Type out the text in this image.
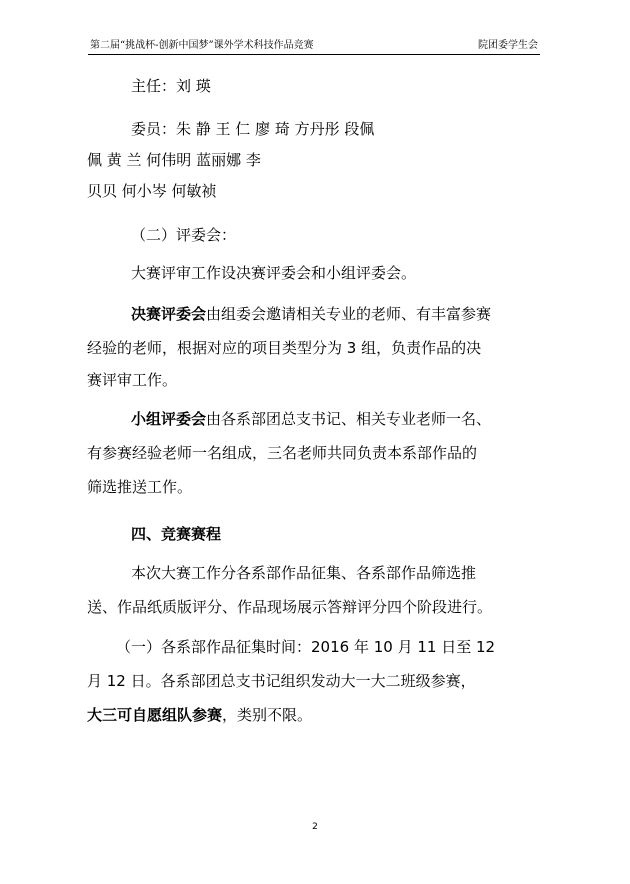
第二届“挑战杯-创新中国梦”课外学术科技作品竞赛	院团委学生会
主任：刘 瑛
委员：朱 静 王 仁 廖 琦 方丹彤 段佩
佩 黄 兰 何伟明 蓝丽娜 李
贝贝 何小岑 何敏祯
（二）评委会：
大赛评审工作设决赛评委会和小组评委会。
决赛评委会由组委会邀请相关专业的老师、有丰富参赛
经验的老师，根据对应的项目类型分为 3 组，负责作品的决
赛评审工作。
小组评委会由各系部团总支书记、相关专业老师一名、
有参赛经验老师一名组成，三名老师共同负责本系部作品的
筛选推送工作。
四、竞赛赛程
本次大赛工作分各系部作品征集、各系部作品筛选推
送、作品纸质版评分、作品现场展示答辩评分四个阶段进行。
（一）各系部作品征集时间：2016 年 10 月 11 日至 12
月 12 日。各系部团总支书记组织发动大一大二班级参赛，
大三可自愿组队参赛，类别不限。
2
